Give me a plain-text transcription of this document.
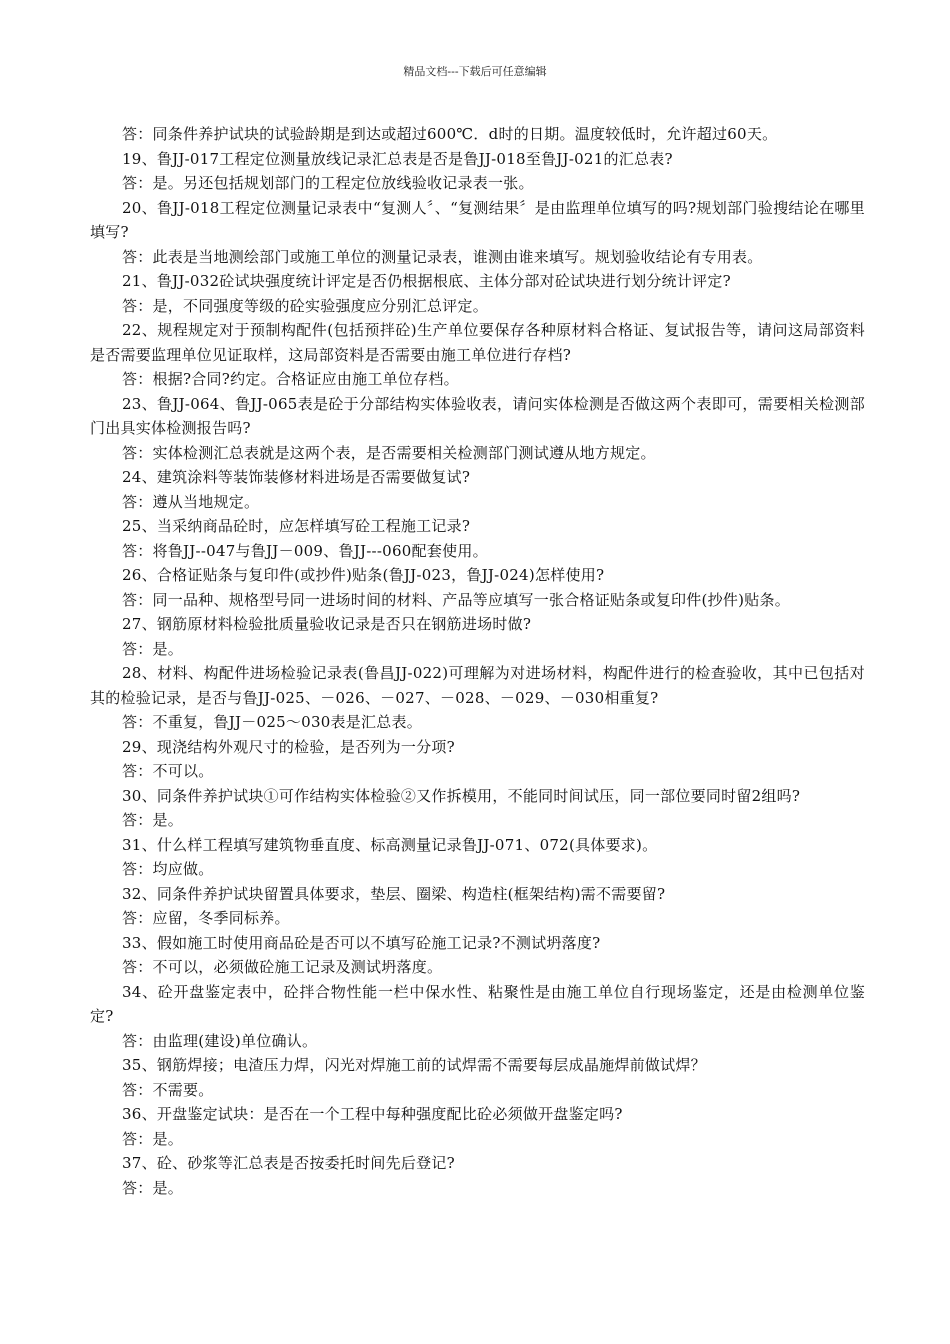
精品文档---下载后可任意编辑

答：同条件养护试块的试验龄期是到达或超过600℃．d时的日期。温度较低时，允许超过60天。

19、鲁JJ-017工程定位测量放线记录汇总表是否是鲁JJ-018至鲁JJ-021的汇总表?

答：是。另还包括规划部门的工程定位放线验收记录表一张。

20、鲁JJ-018工程定位测量记录表中“复测人〞、“复测结果〞是由监理单位填写的吗?规划部门验搜结论在哪里填写?

答：此表是当地测绘部门或施工单位的测量记录表，谁测由谁来填写。规划验收结论有专用表。

21、鲁JJ-032砼试块强度统计评定是否仍根据根底、主体分部对砼试块进行划分统计评定?

答：是，不同强度等级的砼实验强度应分别汇总评定。

22、规程规定对于预制构配件(包括预拌砼)生产单位要保存各种原材料合格证、复试报告等，请问这局部资料是否需要监理单位见证取样，这局部资料是否需要由施工单位进行存档?

答：根据?合同?约定。合格证应由施工单位存档。

23、鲁JJ-064、鲁JJ-065表是砼于分部结构实体验收表，请问实体检测是否做这两个表即可，需要相关检测部门出具实体检测报告吗?

答：实体检测汇总表就是这两个表，是否需要相关检测部门测试遵从地方规定。

24、建筑涂料等装饰装修材料进场是否需要做复试?

答：遵从当地规定。

25、当采纳商品砼时，应怎样填写砼工程施工记录?

答：将鲁JJ--047与鲁JJ－009、鲁JJ---060配套使用。

26、合格证贴条与复印件(或抄件)贴条(鲁JJ-023，鲁JJ-024)怎样使用?

答：同一品种、规格型号同一进场时间的材料、产品等应填写一张合格证贴条或复印件(抄件)贴条。

27、钢筋原材料检验批质量验收记录是否只在钢筋进场时做?

答：是。

28、材料、构配件进场检验记录表(鲁昌JJ-022)可理解为对进场材料，构配件进行的检查验收，其中已包括对其的检验记录，是否与鲁JJ-025、－026、－027、－028、－029、－030相重复?

答：不重复，鲁JJ－025～030表是汇总表。

29、现浇结构外观尺寸的检验，是否列为一分项?

答：不可以。

30、同条件养护试块①可作结构实体检验②又作拆模用，不能同时间试压，同一部位要同时留2组吗?

答：是。

31、什么样工程填写建筑物垂直度、标高测量记录鲁JJ-071、072(具体要求)。

答：均应做。

32、同条件养护试块留置具体要求，垫层、圈梁、构造柱(框架结构)需不需要留?

答：应留，冬季同标养。

33、假如施工时使用商品砼是否可以不填写砼施工记录?不测试坍落度?

答：不可以，必须做砼施工记录及测试坍落度。

34、砼开盘鉴定表中，砼拌合物性能一栏中保水性、粘聚性是由施工单位自行现场鉴定，还是由检测单位鉴定?

答：由监理(建设)单位确认。

35、钢筋焊接；电渣压力焊，闪光对焊施工前的试焊需不需要每层成晶施焊前做试焊？

答：不需要。

36、开盘鉴定试块：是否在一个工程中每种强度配比砼必须做开盘鉴定吗?

答：是。

37、砼、砂浆等汇总表是否按委托时间先后登记?

答：是。
